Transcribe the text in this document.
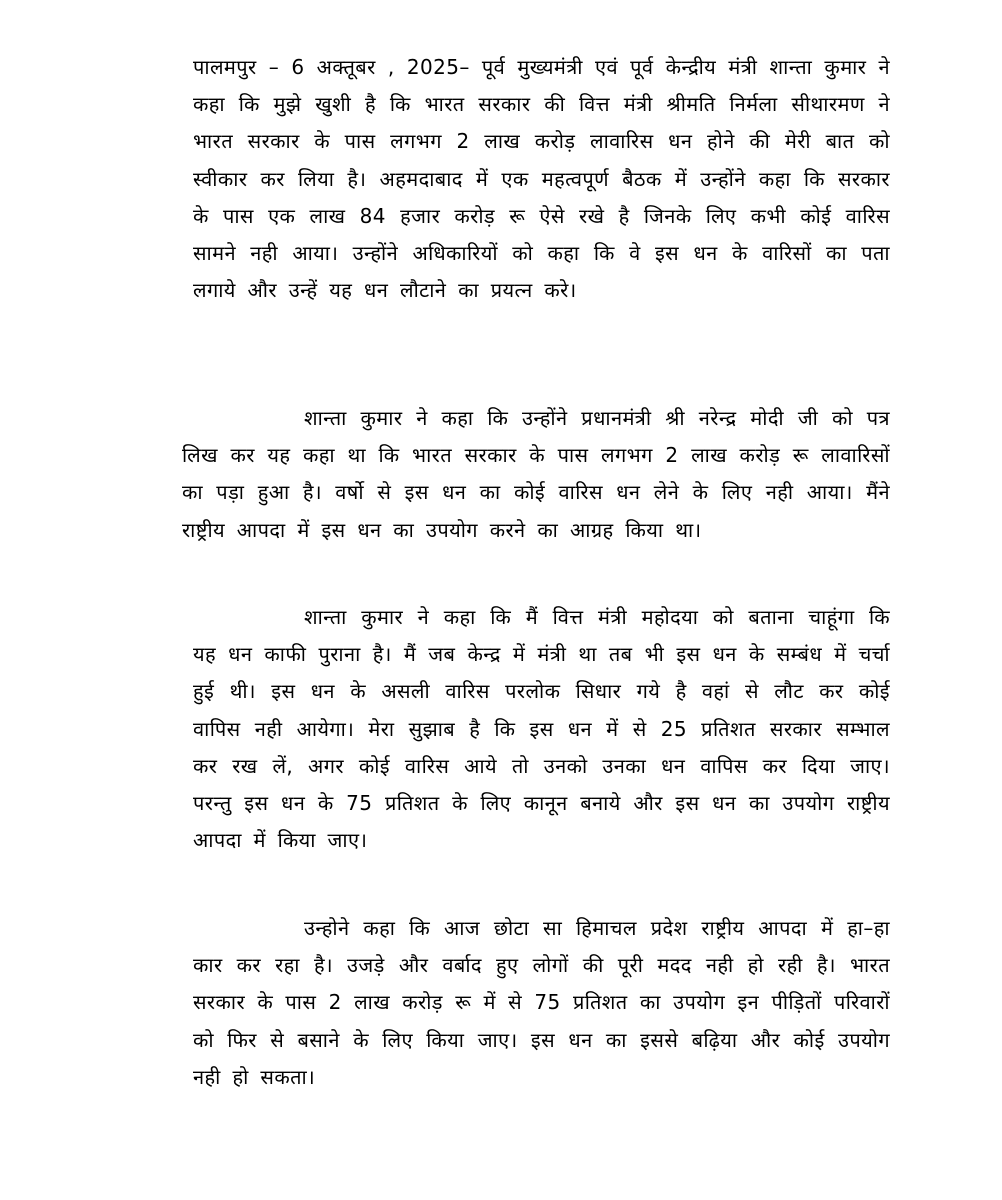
पालमपुर – 6 अक्तूबर , 2025– पूर्व मुख्यमंत्री एवं पूर्व केन्द्रीय मंत्री शान्ता कुमार ने कहा कि मुझे खुशी है कि भारत सरकार की वित्त मंत्री श्रीमति निर्मला सीथारमण ने भारत सरकार के पास लगभग 2 लाख करोड़ लावारिस धन होने की मेरी बात को स्वीकार कर लिया है। अहमदाबाद में एक महत्वपूर्ण बैठक में उन्होंने कहा कि सरकार के पास एक लाख 84 हजार करोड़ रू ऐसे रखे है जिनके लिए कभी कोई वारिस सामने नही आया। उन्होंने अधिकारियों को कहा कि वे इस धन के वारिसों का पता लगाये और उन्हें यह धन लौटाने का प्रयत्न करे।

शान्ता कुमार ने कहा कि उन्होंने प्रधानमंत्री श्री नरेन्द्र मोदी जी को पत्र लिख कर यह कहा था कि भारत सरकार के पास लगभग 2 लाख करोड़ रू लावारिसों का पड़ा हुआ है। वर्षो से इस धन का कोई वारिस धन लेने के लिए नही आया। मैंने राष्ट्रीय आपदा में इस धन का उपयोग करने का आग्रह किया था।

शान्ता कुमार ने कहा कि मैं वित्त मंत्री महोदया को बताना चाहूंगा कि यह धन काफी पुराना है। मैं जब केन्द्र में मंत्री था तब भी इस धन के सम्बंध में चर्चा हुई थी। इस धन के असली वारिस परलोक सिधार गये है वहां से लौट कर कोई वापिस नही आयेगा। मेरा सुझाब है कि इस धन में से 25 प्रतिशत सरकार सम्भाल कर रख लें, अगर कोई वारिस आये तो उनको उनका धन वापिस कर दिया जाए। परन्तु इस धन के 75 प्रतिशत के लिए कानून बनाये और इस धन का उपयोग राष्ट्रीय आपदा में किया जाए।

उन्होने कहा कि आज छोटा सा हिमाचल प्रदेश राष्ट्रीय आपदा में हा–हा कार कर रहा है। उजड़े और वर्बाद हुए लोगों की पूरी मदद नही हो रही है। भारत सरकार के पास 2 लाख करोड़ रू में से 75 प्रतिशत का उपयोग इन पीड़ितों परिवारों को फिर से बसाने के लिए किया जाए। इस धन का इससे बढ़िया और कोई उपयोग नही हो सकता।
